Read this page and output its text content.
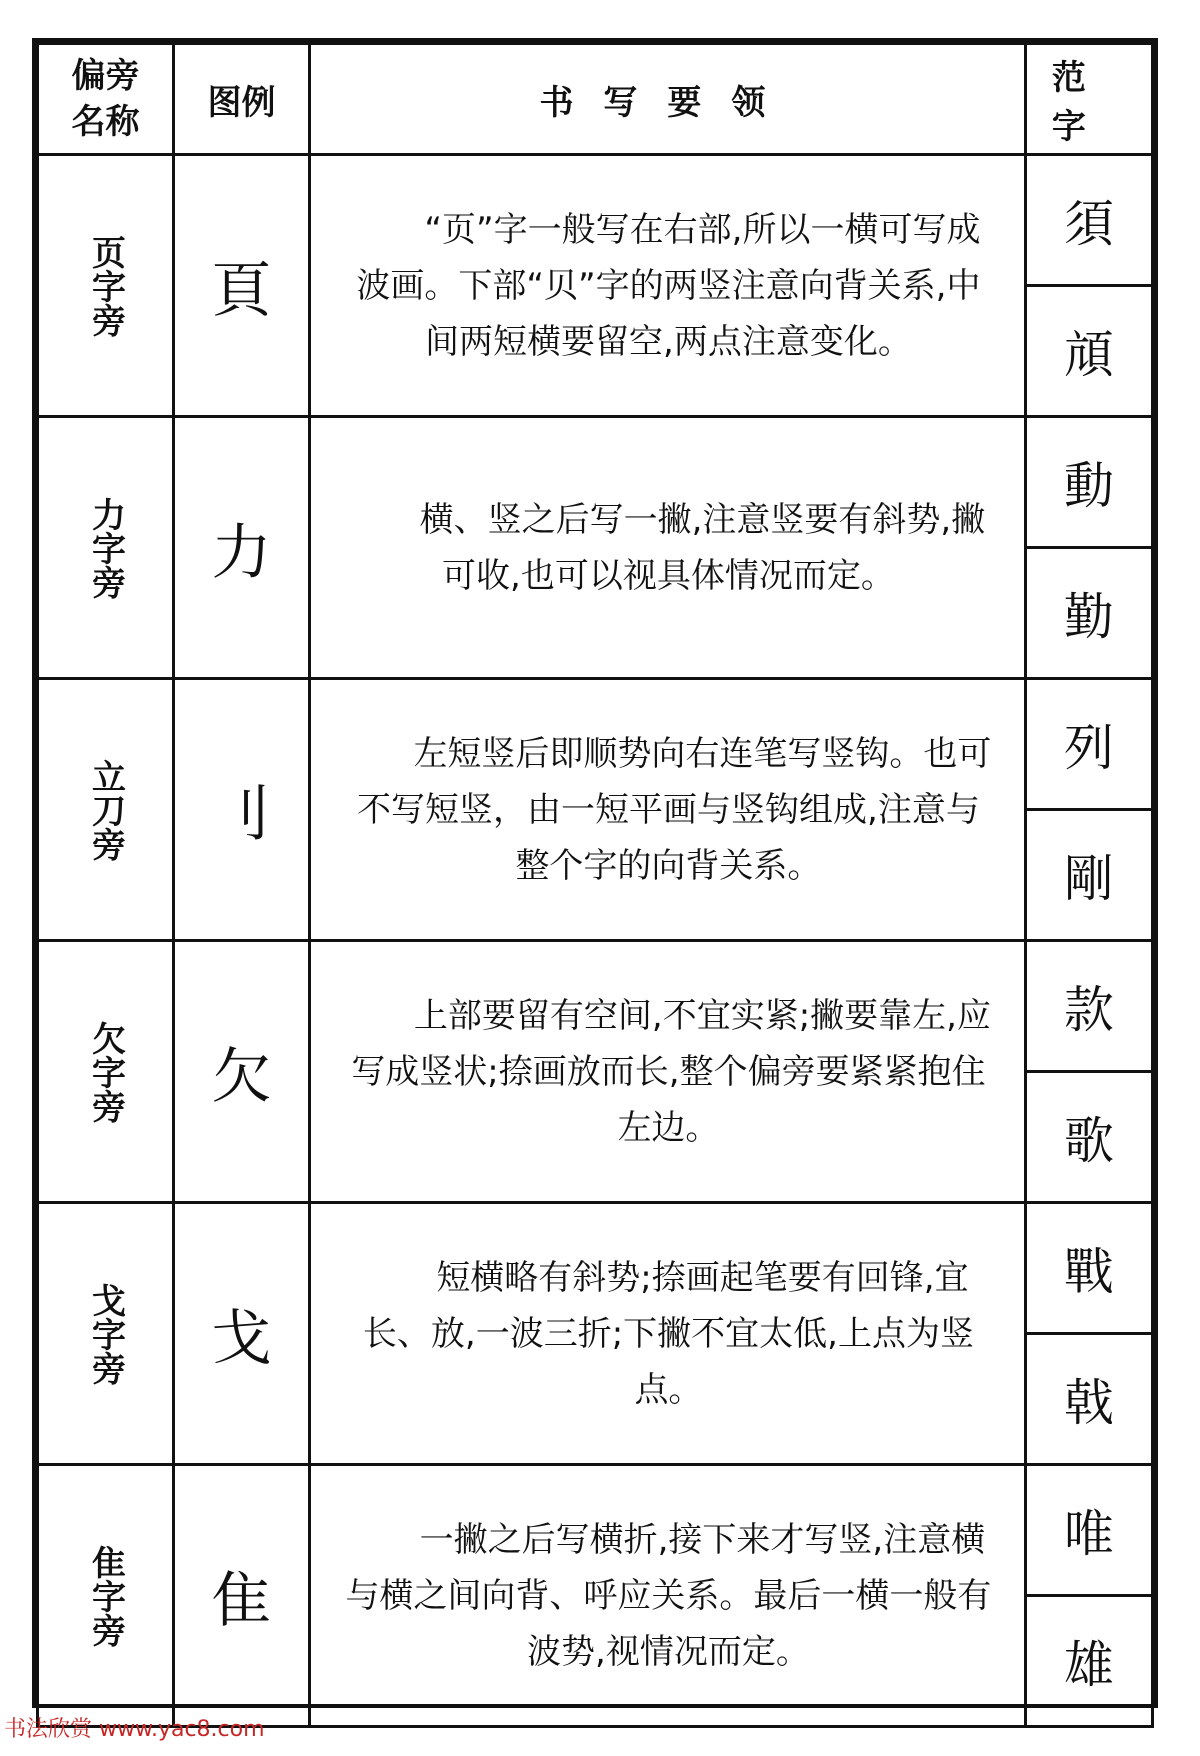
偏旁
名称	图例	书写要领	范字

页字旁	頁	“页”字一般写在右部,所以一横可写成波画。下部“贝”字的两竖注意向背关系,中间两短横要留空,两点注意变化。	須
			頏

力字旁	力	横、竖之后写一撇,注意竖要有斜势,撇可收,也可以视具体情况而定。	動
			勤

立刀旁	刂	左短竖后即顺势向右连笔写竖钩。也可不写短竖，由一短平画与竖钩组成,注意与整个字的向背关系。	列
			剛

欠字旁	欠	上部要留有空间,不宜实紧;撇要靠左,应写成竖状;捺画放而长,整个偏旁要紧紧抱住左边。	款
			歌

戈字旁	戈	短横略有斜势;捺画起笔要有回锋,宜长、放,一波三折;下撇不宜太低,上点为竖点。	戰
			戟

隹字旁	隹	一撇之后写横折,接下来才写竖,注意横与横之间向背、呼应关系。最后一横一般有波势,视情况而定。	唯
			雄
书法欣赏 www.yac8.com
